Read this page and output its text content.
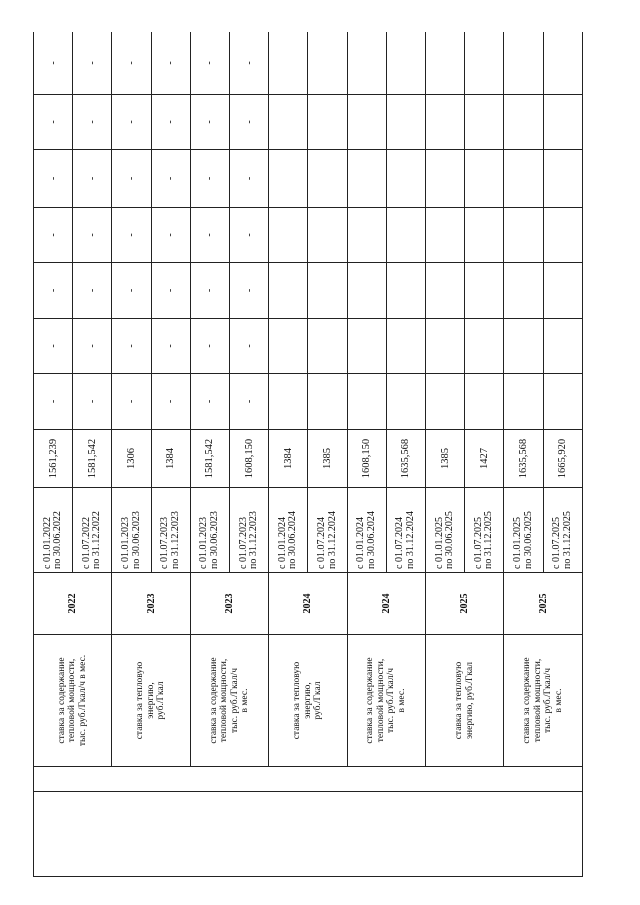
		ставка за содержание тепловой мощности, тыс. руб./Гкал/ч в мес.	2022	с 01.01.2022 по 30.06.2022	1561,239	-	-	-	-	-	-	-	

				с 01.07.2022 по 31.12.2022	1581,542	-	-	-	-	-	-	-	

		ставка за тепловую энергию, руб./Гкал	2023	с 01.01.2023 по 30.06.2023	1306	-	-	-	-	-	-	-	

				с 01.07.2023 по 31.12.2023	1384	-	-	-	-	-	-	-	

		ставка за содержание тепловой мощности, тыс. руб./Гкал/ч в мес.	2023	с 01.01.2023 по 30.06.2023	1581,542	-	-	-	-	-	-	-	

				с 01.07.2023 по 31.12.2023	1608,150	-	-	-	-	-	-	-	

		ставка за тепловую энергию, руб./Гкал	2024	с 01.01.2024 по 30.06.2024	1384								

				с 01.07.2024 по 31.12.2024	1385								

		ставка за содержание тепловой мощности, тыс. руб./Гкал/ч в мес.	2024	с 01.01.2024 по 30.06.2024	1608,150								

				с 01.07.2024 по 31.12.2024	1635,568								

		ставка за тепловую энергию, руб./Гкал	2025	с 01.01.2025 по 30.06.2025	1385								

				с 01.07.2025 по 31.12.2025	1427								

		ставка за содержание тепловой мощности, тыс. руб./Гкал/ч в мес.	2025	с 01.01.2025 по 30.06.2025	1635,568								

				с 01.07.2025 по 31.12.2025	1665,920								
